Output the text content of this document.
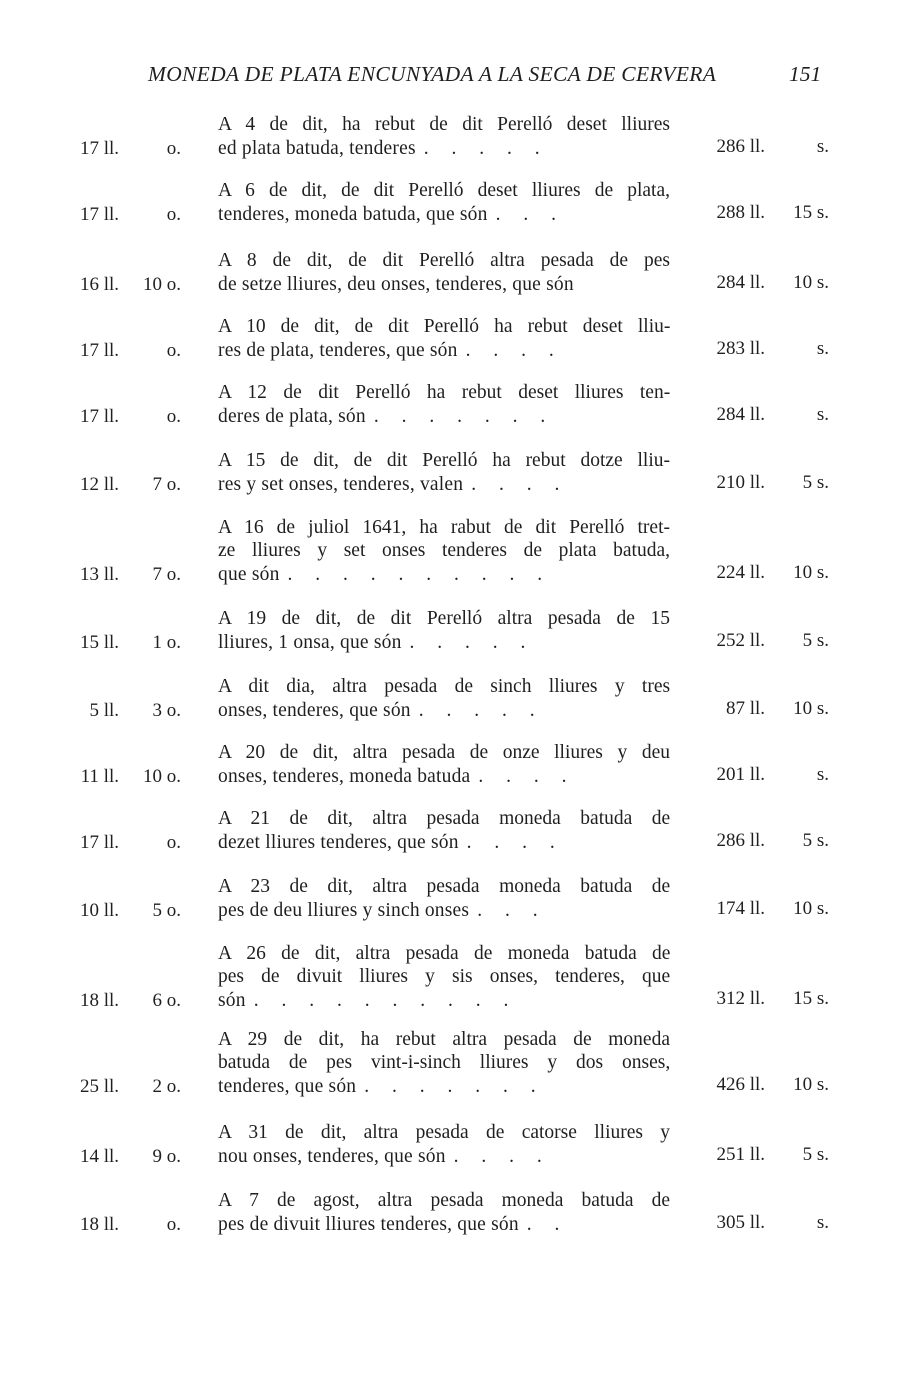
MONEDA DE PLATA ENCUNYADA A LA SECA DE CERVERA	151
17 ll.	o.
A 4 de dit, ha rebut de dit Perelló deset lliures
ed plata batuda, tenderes . . . . .	286 ll.	s.
17 ll.	o.
A 6 de dit, de dit Perelló deset lliures de plata,
tenderes, moneda batuda, que són . . .	288 ll. 15 s.
16 ll. 10 o.
A 8 de dit, de dit Perelló altra pesada de pes
de setze lliures, deu onses, tenderes, que són	284 ll. 10 s.
17 ll.	o.
A 10 de dit, de dit Perelló ha rebut deset lliu-
res de plata, tenderes, que són . . . .	283 ll.	s.
17 ll.	o.
A 12 de dit Perelló ha rebut deset lliures ten-
deres de plata, són . . . . . . .	284 ll.	s.
12 ll. 7 o.
A 15 de dit, de dit Perelló ha rebut dotze lliu-
res y set onses, tenderes, valen . . . .	210 ll. 5 s.
13 ll. 7 o.
A 16 de juliol 1641, ha rabut de dit Perelló tret-
ze lliures y set onses tenderes de plata batuda,
que són . . . . . . . . . .	224 ll. 10 s.
15 ll. 1 o.
A 19 de dit, de dit Perelló altra pesada de 15
lliures, 1 onsa, que són . . . . .	252 ll. 5 s.
5 ll. 3 o.
A dit dia, altra pesada de sinch lliures y tres
onses, tenderes, que són . . . . .	87 ll. 10 s.
11 ll. 10 o.
A 20 de dit, altra pesada de onze lliures y deu
onses, tenderes, moneda batuda . . . .	201 ll.	s.
17 ll.	o.
A 21 de dit, altra pesada moneda batuda de
dezet lliures tenderes, que són . . . .	286 ll. 5 s.
10 ll. 5 o.
A 23 de dit, altra pesada moneda batuda de
pes de deu lliures y sinch onses . . .	174 ll. 10 s.
18 ll. 6 o.
A 26 de dit, altra pesada de moneda batuda de
pes de divuit lliures y sis onses, tenderes, que
són . . . . . . . . . .	312 ll. 15 s.
25 ll. 2 o.
A 29 de dit, ha rebut altra pesada de moneda
batuda de pes vint-i-sinch lliures y dos onses,
tenderes, que són . . . . . . .	426 ll. 10 s.
14 ll. 9 o.
A 31 de dit, altra pesada de catorse lliures y
nou onses, tenderes, que són . . . .	251 ll. 5 s.
18 ll.	o.
A 7 de agost, altra pesada moneda batuda de
pes de divuit lliures tenderes, que són . .	305 ll.	s.
